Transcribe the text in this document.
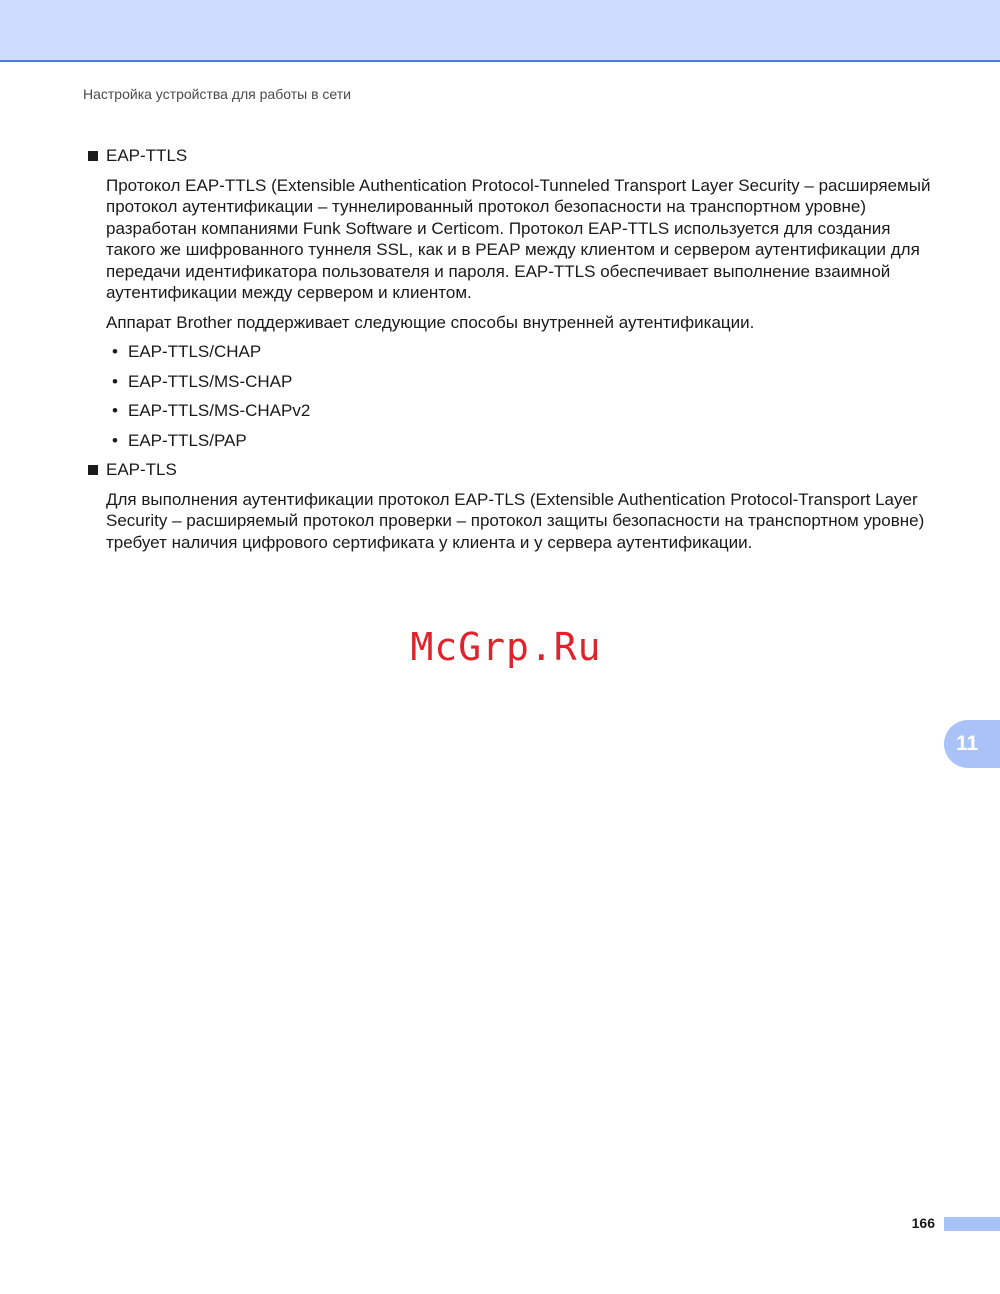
Настройка устройства для работы в сети
EAP-TTLS

Протокол EAP-TTLS (Extensible Authentication Protocol-Tunneled Transport Layer Security – расширяемый протокол аутентификации – туннелированный протокол безопасности на транспортном уровне) разработан компаниями Funk Software и Certicom. Протокол EAP-TTLS используется для создания такого же шифрованного туннеля SSL, как и в PEAP между клиентом и сервером аутентификации для передачи идентификатора пользователя и пароля. EAP-TTLS обеспечивает выполнение взаимной аутентификации между сервером и клиентом.

Аппарат Brother поддерживает следующие способы внутренней аутентификации.

• EAP-TTLS/CHAP
• EAP-TTLS/MS-CHAP
• EAP-TTLS/MS-CHAPv2
• EAP-TTLS/PAP
EAP-TLS

Для выполнения аутентификации протокол EAP-TLS (Extensible Authentication Protocol-Transport Layer Security – расширяемый протокол проверки – протокол защиты безопасности на транспортном уровне) требует наличия цифрового сертификата у клиента и у сервера аутентификации.

McGrp.Ru
11
166
